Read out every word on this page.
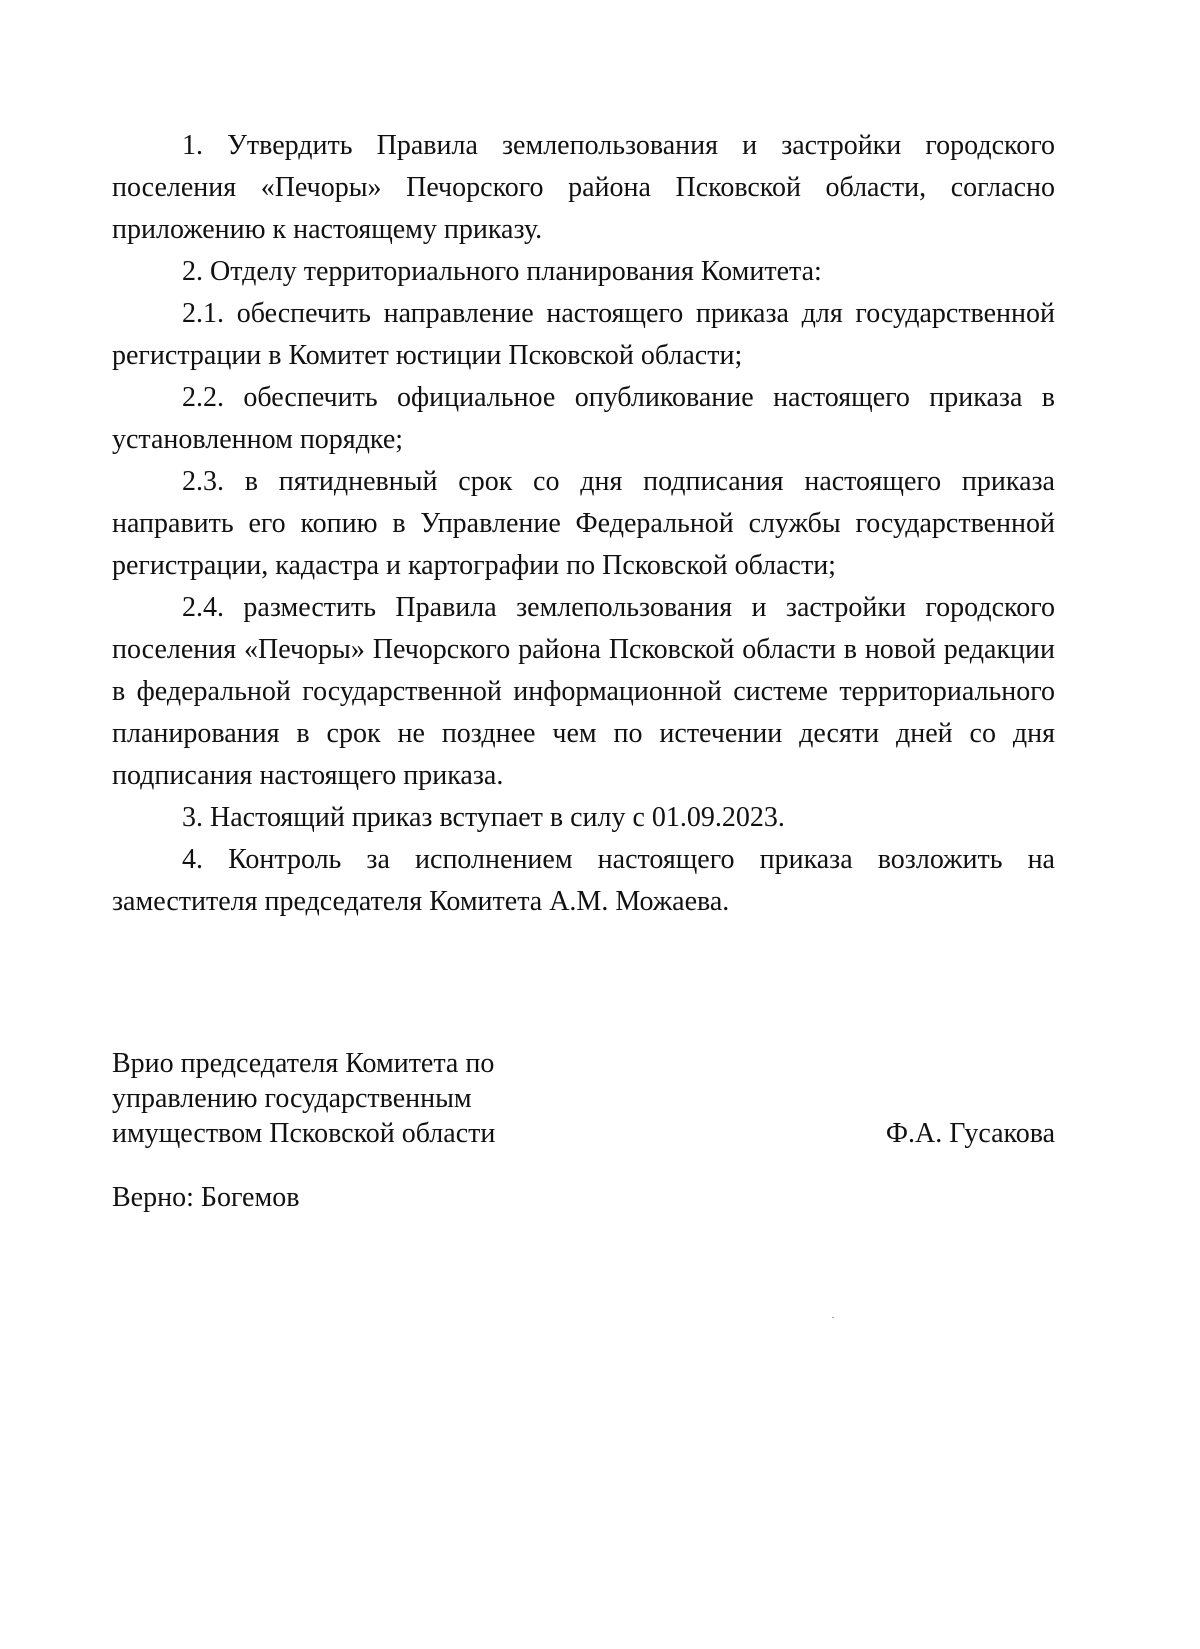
1. Утвердить Правила землепользования и застройки городского поселения «Печоры» Печорского района Псковской области, согласно приложению к настоящему приказу.

2. Отделу территориального планирования Комитета:

2.1. обеспечить направление настоящего приказа для государственной регистрации в Комитет юстиции Псковской области;

2.2. обеспечить официальное опубликование настоящего приказа в установленном порядке;

2.3. в пятидневный срок со дня подписания настоящего приказа направить его копию в Управление Федеральной службы государственной регистрации, кадастра и картографии по Псковской области;

2.4. разместить Правила землепользования и застройки городского поселения «Печоры» Печорского района Псковской области в новой редакции в федеральной государственной информационной системе территориального планирования в срок не позднее чем по истечении десяти дней со дня подписания настоящего приказа.

3. Настоящий приказ вступает в силу с 01.09.2023.

4. Контроль за исполнением настоящего приказа возложить на заместителя председателя Комитета А.М. Можаева.

Врио председателя Комитета по
управлению государственным
имуществом Псковской области	Ф.А. Гусакова
Верно: Богемов
